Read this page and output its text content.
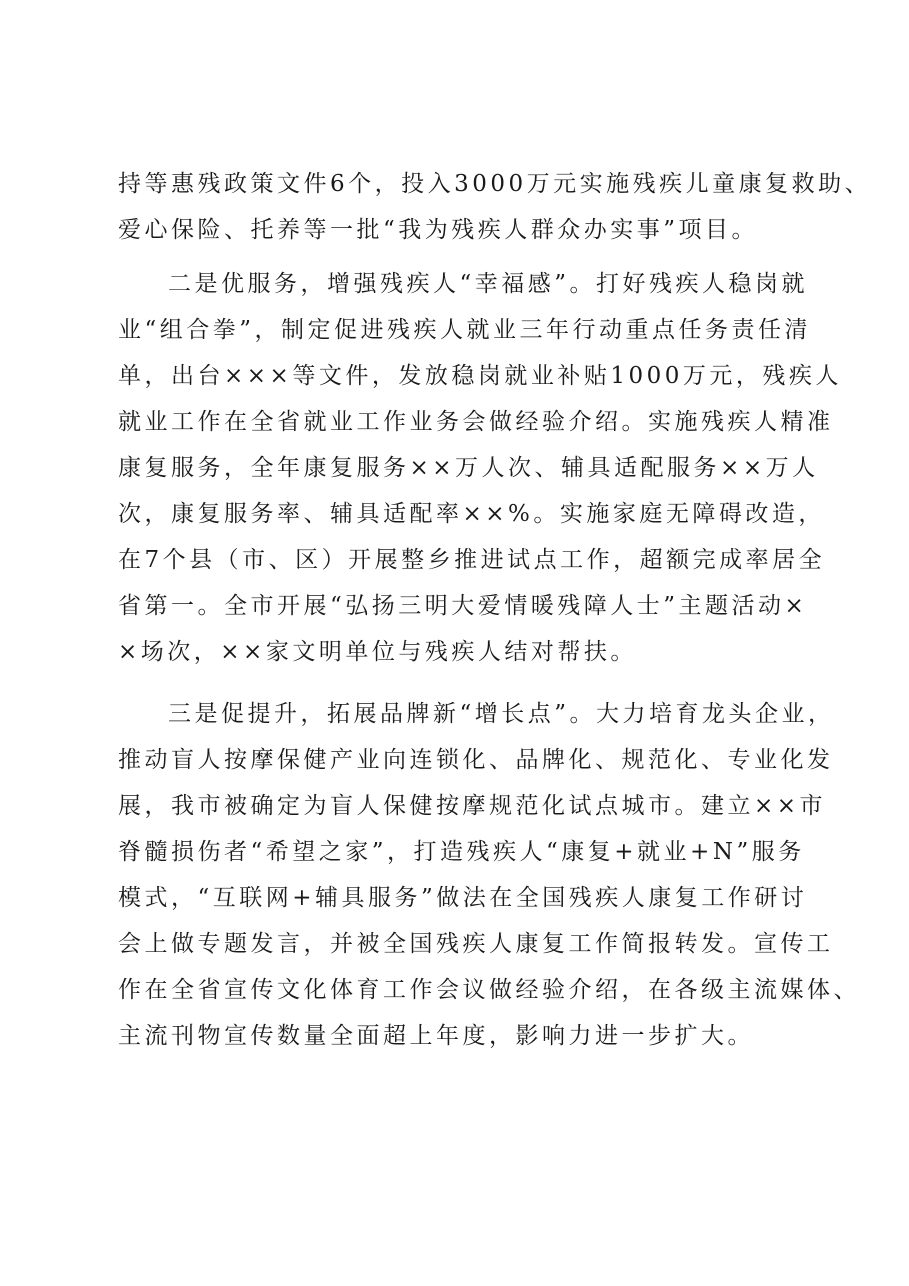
持等惠残政策文件6个，投入3000万元实施残疾儿童康复救助、
爱心保险、托养等一批“我为残疾人群众办实事”项目。
二是优服务，增强残疾人“幸福感”。打好残疾人稳岗就
业“组合拳”，制定促进残疾人就业三年行动重点任务责任清
单，出台×××等文件，发放稳岗就业补贴1000万元，残疾人
就业工作在全省就业工作业务会做经验介绍。实施残疾人精准
康复服务，全年康复服务××万人次、辅具适配服务××万人
次，康复服务率、辅具适配率××%。实施家庭无障碍改造，
在7个县（市、区）开展整乡推进试点工作，超额完成率居全
省第一。全市开展“弘扬三明大爱情暖残障人士”主题活动×
×场次，××家文明单位与残疾人结对帮扶。
三是促提升，拓展品牌新“增长点”。大力培育龙头企业，
推动盲人按摩保健产业向连锁化、品牌化、规范化、专业化发
展，我市被确定为盲人保健按摩规范化试点城市。建立××市
脊髓损伤者“希望之家”，打造残疾人“康复+就业+N”服务
模式，“互联网+辅具服务”做法在全国残疾人康复工作研讨
会上做专题发言，并被全国残疾人康复工作简报转发。宣传工
作在全省宣传文化体育工作会议做经验介绍，在各级主流媒体、
主流刊物宣传数量全面超上年度，影响力进一步扩大。
